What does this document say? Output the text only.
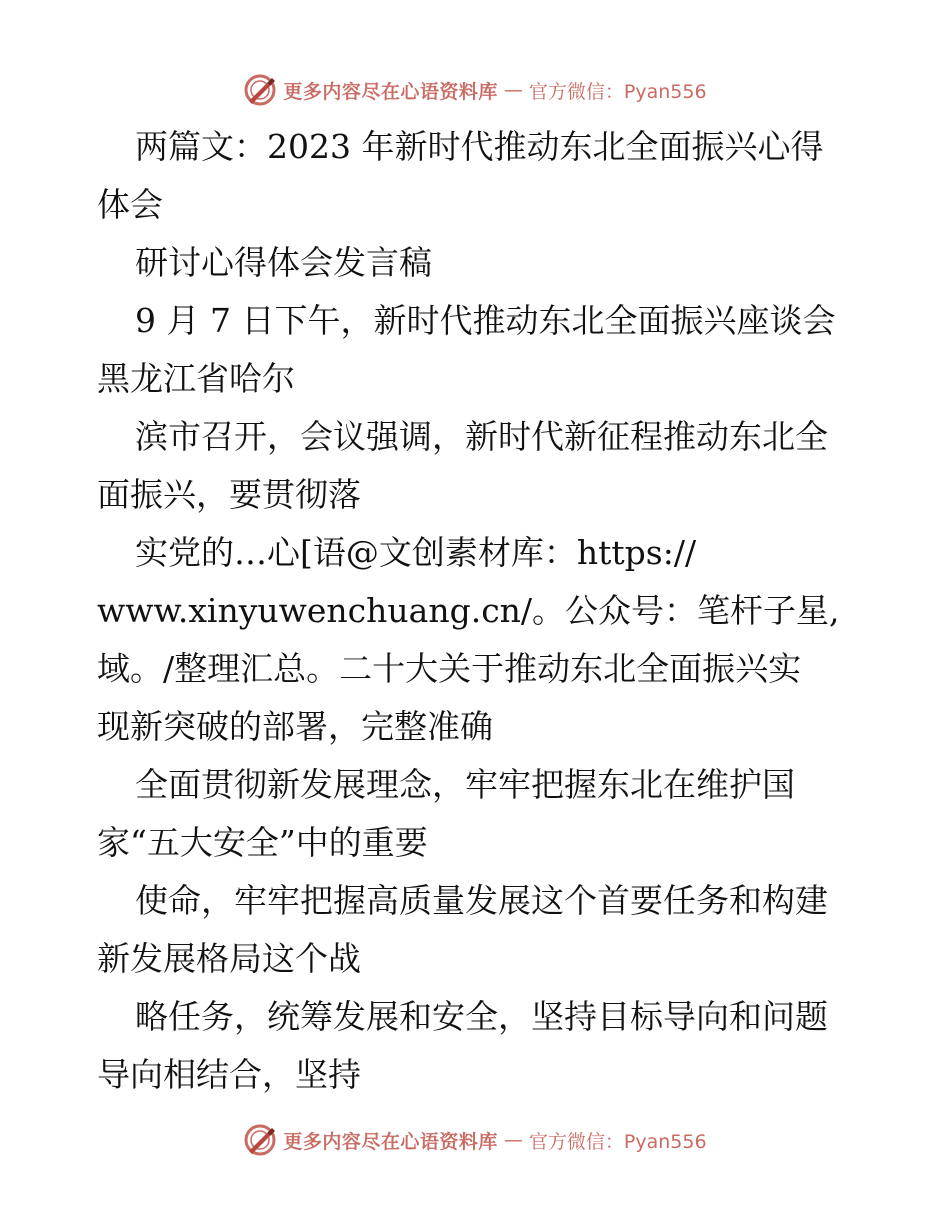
更多内容尽在心语资料库 — 官方微信：Pyan556
两篇文：2023 年新时代推动东北全面振兴心得
体会
研讨心得体会发言稿
9 月 7 日下午，新时代推动东北全面振兴座谈会
黑龙江省哈尔
滨市召开，会议强调，新时代新征程推动东北全
面振兴，要贯彻落
实党的…心[语@文创素材库：https://
www.xinyuwenchuang.cn/。公众号：笔杆子星,
域。/整理汇总。二十大关于推动东北全面振兴实
现新突破的部署，完整准确
全面贯彻新发展理念，牢牢把握东北在维护国
家“五大安全”中的重要
使命，牢牢把握高质量发展这个首要任务和构建
新发展格局这个战
略任务，统筹发展和安全，坚持目标导向和问题
导向相结合，坚持
更多内容尽在心语资料库 — 官方微信：Pyan556
